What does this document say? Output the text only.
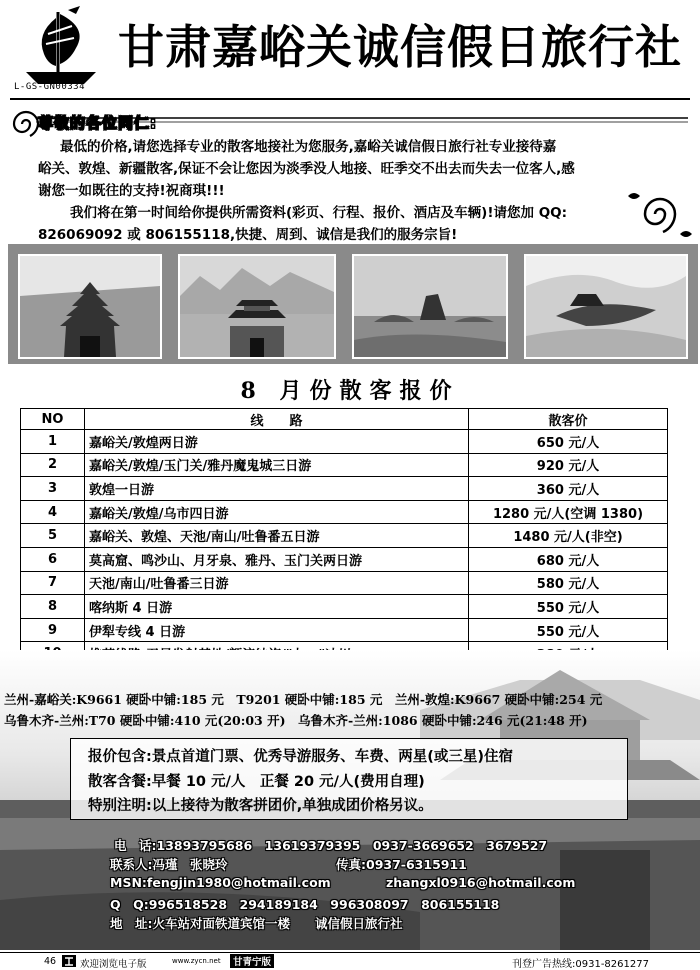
L-GS-GN00334
甘肃嘉峪关诚信假日旅行社
尊敬的各位同仁:
最低的价格,请您选择专业的散客地接社为您服务,嘉峪关诚信假日旅行社专业接待嘉
峪关、敦煌、新疆散客,保证不会让您因为淡季没人地接、旺季交不出去而失去一位客人,感
谢您一如既往的支持!祝商琪!!!
我们将在第一时间给你提供所需资料(彩页、行程、报价、酒店及车辆)!请您加 QQ:
826069092 或 806155118,快捷、周到、诚信是我们的服务宗旨!
8 月份散客报价
NO	线　　路	散客价
1	嘉峪关/敦煌两日游	650 元/人
2	嘉峪关/敦煌/玉门关/雅丹魔鬼城三日游	920 元/人
3	敦煌一日游	360 元/人
4	嘉峪关/敦煌/乌市四日游	1280 元/人(空调 1380)
5	嘉峪关、敦煌、天池/南山/吐鲁番五日游	1480 元/人(非空)
6	莫高窟、鸣沙山、月牙泉、雅丹、玉门关两日游	680 元/人
7	天池/南山/吐鲁番三日游	580 元/人
8	喀纳斯 4 日游	550 元/人
9	伊犁专线 4 日游	550 元/人

兰州-嘉峪关:K9661 硬卧中铺:185 元　T9201 硬卧中铺:185 元　兰州-敦煌:K9667 硬卧中铺:254 元
乌鲁木齐-兰州:T70 硬卧中铺:410 元(20:03 开)　乌鲁木齐-兰州:1086 硬卧中铺:246 元(21:48 开)
报价包含:景点首道门票、优秀导游服务、车费、两星(或三星)住宿
散客含餐:早餐 10 元/人　正餐 20 元/人(费用自理)
特别注明:以上接待为散客拼团价,单独成团价格另议。
电　话:13893795686　13619379395　0937-3669652　3679527
联系人:冯瑾　张晓玲	传真:0937-6315911
MSN:fengjin1980@hotmail.com	zhangxl0916@hotmail.com
Q　Q:996518528　294189184　996308097　806155118
地　址:火车站对面铁道宾馆一楼　　诚信假日旅行社
46	欢迎浏览电子版	www.zycn.net	甘青宁版	刊登广告热线:0931-8261277
